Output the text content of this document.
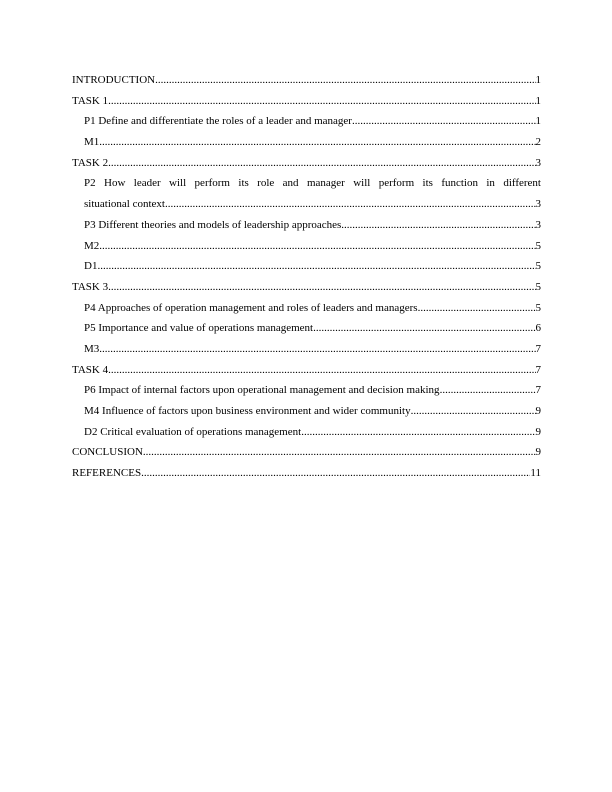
INTRODUCTION .....	1
TASK 1 .....	1
P1 Define and differentiate the roles of a leader and manager .....	1
M1 .....	2
TASK 2 .....	3
P2 How leader will perform its role and manager will perform its function in different
situational context .....	3
P3 Different theories and models of leadership approaches .....	3
M2 .....	5
D1 .....	5
TASK 3 .....	5
P4 Approaches of operation management and roles of leaders and managers .....	5
P5 Importance and value of operations management .....	6
M3 .....	7
TASK 4 .....	7
P6 Impact of internal factors upon operational management and decision making .....	7
M4 Influence of factors upon business environment and wider community .....	9
D2 Critical evaluation of operations management .....	9
CONCLUSION .....	9
REFERENCES .....	11
